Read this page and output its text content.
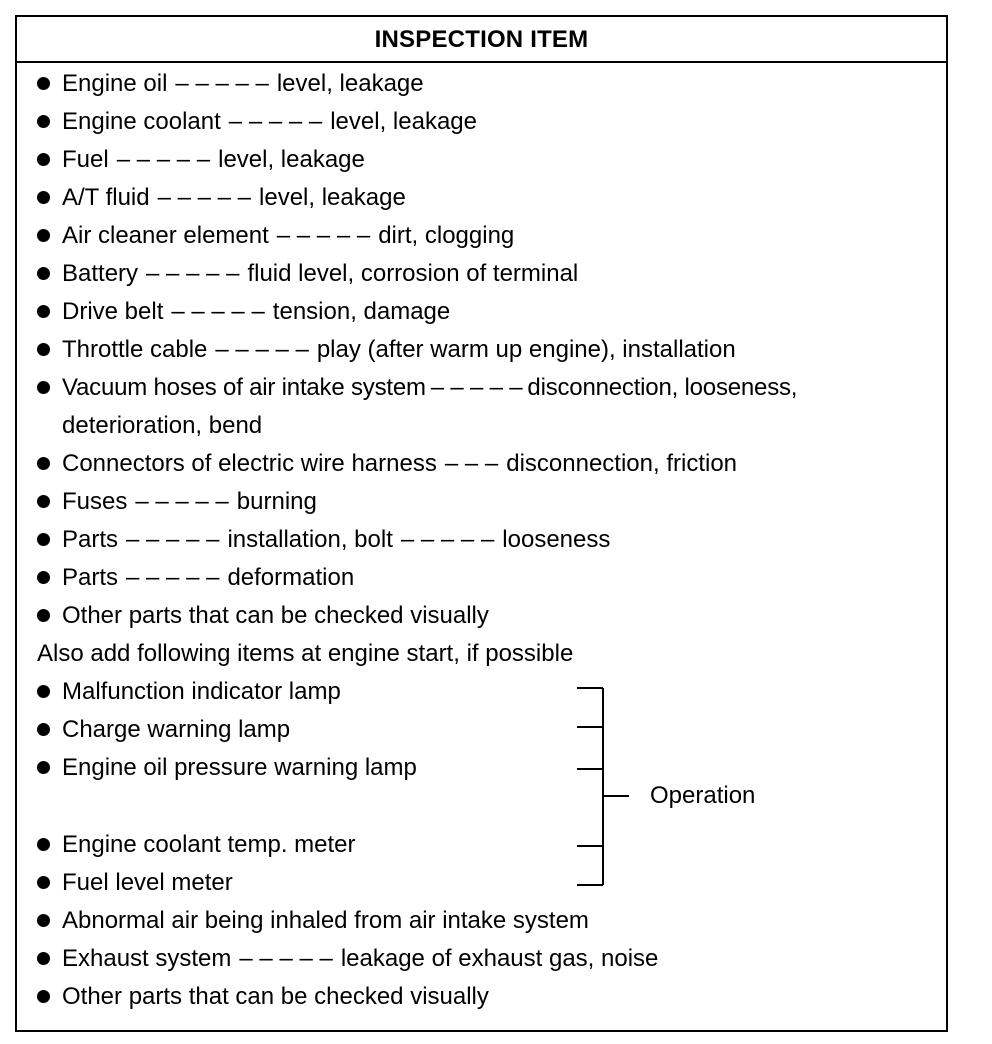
INSPECTION ITEM
Engine oil – – – – – level, leakage
Engine coolant – – – – – level, leakage
Fuel – – – – – level, leakage
A/T fluid – – – – – level, leakage
Air cleaner element – – – – – dirt, clogging
Battery – – – – – fluid level, corrosion of terminal
Drive belt – – – – – tension, damage
Throttle cable – – – – – play (after warm up engine), installation
Vacuum hoses of air intake system – – – – – disconnection, looseness,
deterioration, bend
Connectors of electric wire harness – – – disconnection, friction
Fuses – – – – – burning
Parts – – – – – installation, bolt – – – – – looseness
Parts – – – – – deformation
Other parts that can be checked visually
Also add following items at engine start, if possible
Malfunction indicator lamp
Charge warning lamp
Engine oil pressure warning lamp
Engine coolant temp. meter
Fuel level meter
Abnormal air being inhaled from air intake system
Exhaust system – – – – – leakage of exhaust gas, noise
Other parts that can be checked visually
Operation
